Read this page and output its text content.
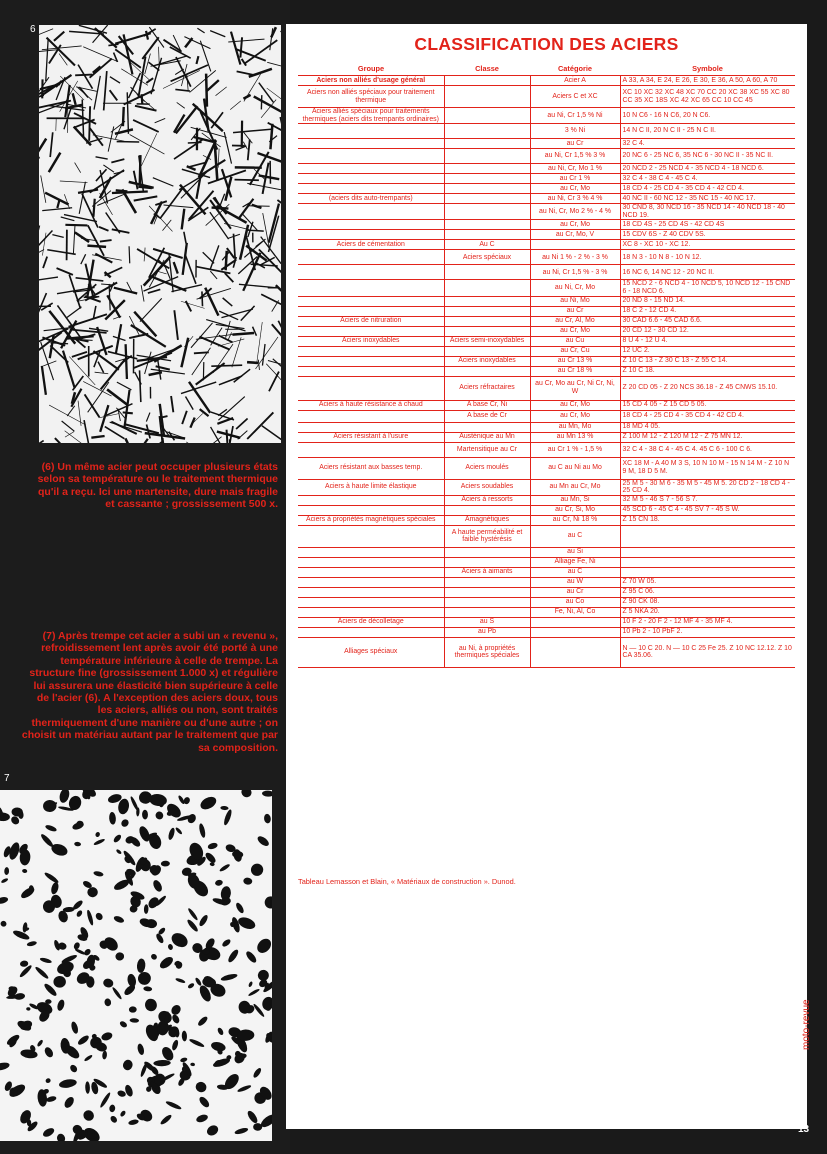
6
(6) Un même acier peut occuper plusieurs états selon sa température ou le traitement thermique qu'il a reçu. Ici une martensite, dure mais fragile et cassante ; grossissement 500 x.
(7) Après trempe cet acier a subi un « revenu », refroidissement lent après avoir été porté à une température inférieure à celle de trempe. La structure fine (grossissement 1.000 x) et régulière lui assurera une élasticité bien supérieure à celle de l'acier (6). A l'exception des aciers doux, tous les aciers, alliés ou non, sont traités thermiquement d'une manière ou d'une autre ; on choisit un matériau autant par le traitement que par sa composition.
7
CLASSIFICATION DES ACIERS
Groupe	Classe	Catégorie	Symbole
Aciers non alliés d'usage général		Acier A	A 33, A 34, E 24, E 26, E 30, E 36, A 50, A 60, A 70
Aciers non alliés spéciaux pour traitement thermique		Aciers C et XC	XC 10 XC 32 XC 48 XC 70 CC 20 XC 38 XC 55 XC 80 CC 35 XC 18S XC 42 XC 65 CC 10 CC 45
Aciers alliés spéciaux pour traitements thermiques (aciers dits trempants ordinaires)		au Ni, Cr 1,5 % Ni	10 N C6 - 16 N C6, 20 N C6.
		3 % Ni	14 N C II, 20 N C II - 25 N C II.
		au Cr	32 C 4.
		au Ni, Cr 1,5 % 3 %	20 NC 6 - 25 NC 6, 35 NC 6 - 30 NC II - 35 NC II.
		au Ni, Cr, Mo 1 %	20 NCD 2 - 25 NCD 4 - 35 NCD 4 - 18 NCD 6.
		au Cr 1 %	32 C 4 - 38 C 4 - 45 C 4.
		au Cr, Mo	18 CD 4 - 25 CD 4 - 35 CD 4 - 42 CD 4.
(aciers dits auto-trempants)		au Ni, Cr 3 % 4 %	40 NC II - 60 NC 12 - 35 NC 15 - 40 NC 17.
		au Ni, Cr, Mo 2 % - 4 %	30 CND 8, 30 NCD 16 - 35 NCD 14 - 40 NCD 18 - 40 NCD 19.
		au Cr, Mo	18 CD 4S - 25 CD 4S - 42 CD 4S
		au Cr, Mo, V	15 CDV 6S - Z 40 CDV 5S.
Aciers de cémentation	Au C		XC 8 - XC 10 - XC 12.
	Aciers spéciaux	au Ni 1 % - 2 % - 3 %	18 N 3 - 10 N 8 - 10 N 12.
		au Ni, Cr 1,5 % - 3 %	16 NC 6, 14 NC 12 - 20 NC II.
		au Ni, Cr, Mo	15 NCD 2 - 6 NCD 4 - 10 NCD 5, 10 NCD 12 - 15 CND 6 - 18 NCD 6.
		au Ni, Mo	20 ND 8 - 15 ND 14.
		au Cr	18 C 2 - 12 CD 4.
Aciers de nitruration		au Cr, Al, Mo	30 CAD 6.6 - 45 CAD 6.6.
		au Cr, Mo	20 CD 12 - 30 CD 12.
Aciers inoxydables	Aciers semi-inoxydables	au Cu	8 U 4 - 12 U 4.
		au Cr, Cu	12 UC 2.
	Aciers inoxydables	au Cr 13 %	Z 10 C 13 - Z 30 C 13 - Z 55 C 14.
		au Cr 18 %	Z 10 C 18.
	Aciers réfractaires	au Cr, Mo au Cr, Ni Cr, Ni, W	Z 20 CD 05 - Z 20 NCS 36.18 - Z 45 CNWS 15.10.
Aciers à haute résistance à chaud	A base Cr, Ni	au Cr, Mo	15 CD 4 05 - Z 15 CD 5 05.
	A base de Cr	au Cr, Mo	18 CD 4 - 25 CD 4 - 35 CD 4 - 42 CD 4.
		au Mn, Mo	18 MD 4 05.
Aciers résistant à l'usure	Austénique au Mn	au Mn 13 %	Z 100 M 12 - Z 120 M 12 - Z 75 MN 12.
	Martensitique au Cr	au Cr 1 % - 1,5 %	32 C 4 - 38 C 4 - 45 C 4. 45 C 6 - 100 C 6.
Aciers résistant aux basses temp.	Aciers moulés	au C au Ni au Mo	XC 18 M - A 40 M 3 S, 10 N 10 M - 15 N 14 M - Z 10 N 9 M, 18 D 5 M.
Aciers à haute limite élastique	Aciers soudables	au Mn au Cr, Mo	25 M 5 - 30 M 6 - 35 M 5 - 45 M 5. 20 CD 2 - 18 CD 4 - 25 CD 4.
	Aciers à ressorts	au Mn, Si	32 M 5 - 46 S 7 - 56 S 7.
		au Cr, Si, Mo	45 SCD 6 - 45 C 4 - 45 SV 7 - 45 S W.
Aciers à propriétés magnétiques spéciales	Amagnétiques	au Cr, Ni 18 %	Z 15 CN 18.
	A haute perméabilité et faible hystérésis	au C	
		au Si	
		Alliage Fe, Ni	
	Aciers à aimants	au C	
		au W	Z 70 W 05.
		au Cr	Z 95 C 06.
		au Co	Z 90 CK 08.
		Fe, Ni, Al, Co	Z 5 NKA 20.
Aciers de décolletage	au S		10 F 2 - 20 F 2 - 12 MF 4 - 35 MF 4.
	au Pb		10 Pb 2 - 10 PbF 2.
Alliages spéciaux	au Ni, à propriétés thermiques spéciales		N — 10 C 20. N — 10 C 25 Fe 25. Z 10 NC 12.12. Z 10 CA 35.06.
Tableau Lemasson et Blain, « Matériaux de construction ». Dunod.
moto-revue
13
